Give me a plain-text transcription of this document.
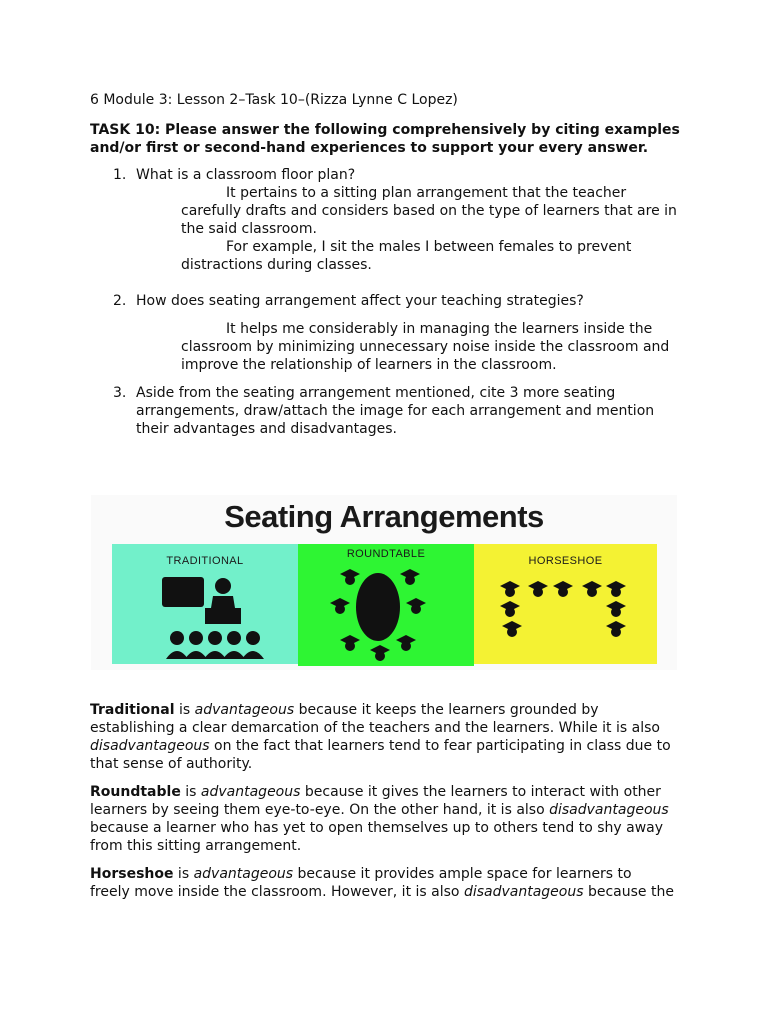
6 Module 3: Lesson 2–Task 10–(Rizza Lynne C Lopez)
TASK 10: Please answer the following comprehensively by citing examples and/or first or second-hand experiences to support your every answer.
1. What is a classroom floor plan?
It pertains to a sitting plan arrangement that the teacher carefully drafts and considers based on the type of learners that are in the said classroom.
For example, I sit the males I between females to prevent distractions during classes.
2. How does seating arrangement affect your teaching strategies?
It helps me considerably in managing the learners inside the classroom by minimizing unnecessary noise inside the classroom and improve the relationship of learners in the classroom.
3. Aside from the seating arrangement mentioned, cite 3 more seating arrangements, draw/attach the image for each arrangement and mention their advantages and disadvantages.
Seating Arrangements
TRADITIONAL
ROUNDTABLE
HORSESHOE
Traditional is advantageous because it keeps the learners grounded by establishing a clear demarcation of the teachers and the learners. While it is also disadvantageous on the fact that learners tend to fear participating in class due to that sense of authority.
Roundtable is advantageous because it gives the learners to interact with other learners by seeing them eye-to-eye. On the other hand, it is also disadvantageous because a learner who has yet to open themselves up to others tend to shy away from this sitting arrangement.
Horseshoe is advantageous because it provides ample space for learners to freely move inside the classroom. However, it is also disadvantageous because the
